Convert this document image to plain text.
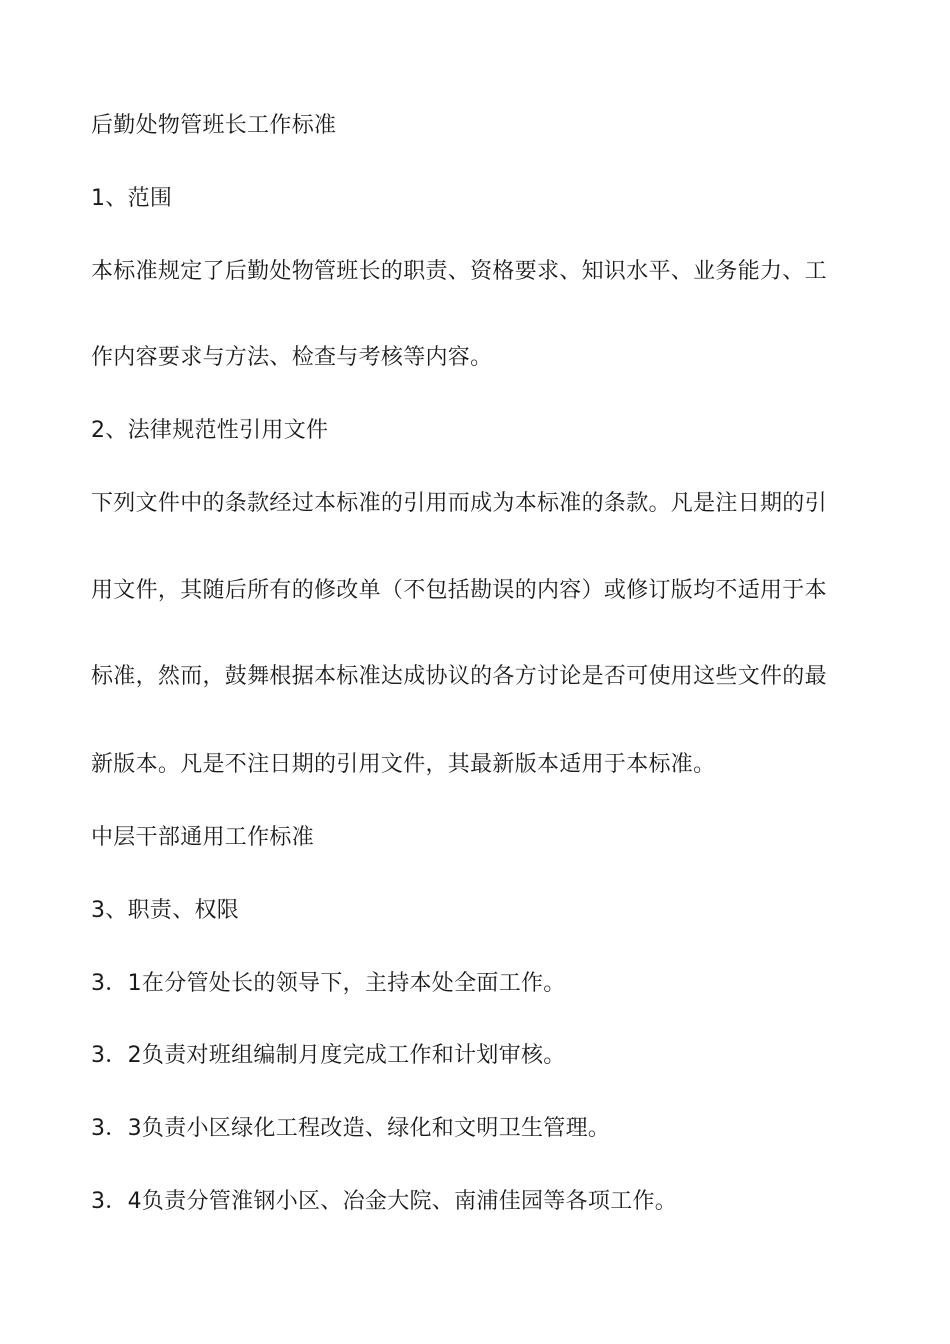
后勤处物管班长工作标准
1、范围
本标准规定了后勤处物管班长的职责、资格要求、知识水平、业务能力、工
作内容要求与方法、检查与考核等内容。
2、法律规范性引用文件
下列文件中的条款经过本标准的引用而成为本标准的条款。凡是注日期的引
用文件，其随后所有的修改单（不包括勘误的内容）或修订版均不适用于本
标准，然而，鼓舞根据本标准达成协议的各方讨论是否可使用这些文件的最
新版本。凡是不注日期的引用文件，其最新版本适用于本标准。
中层干部通用工作标准
3、职责、权限
3．1在分管处长的领导下，主持本处全面工作。
3．2负责对班组编制月度完成工作和计划审核。
3．3负责小区绿化工程改造、绿化和文明卫生管理。
3．4负责分管淮钢小区、冶金大院、南浦佳园等各项工作。
